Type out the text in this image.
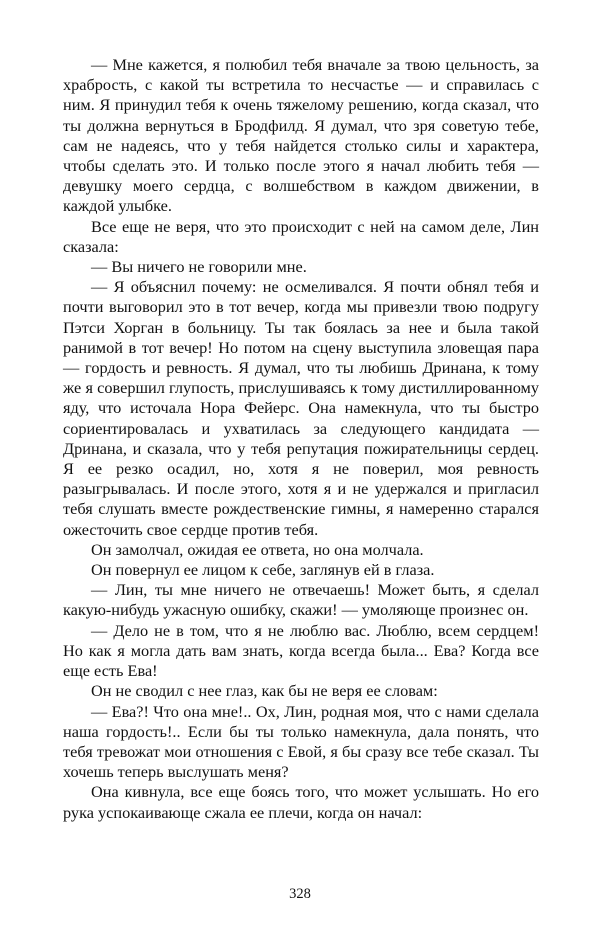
— Мне кажется, я полюбил тебя вначале за твою цельность, за храбрость, с какой ты встретила то несчастье — и справилась с ним. Я принудил тебя к очень тяжелому решению, когда сказал, что ты должна вернуться в Бродфилд. Я думал, что зря советую тебе, сам не надеясь, что у тебя найдется столько силы и характера, чтобы сделать это. И только после этого я начал любить тебя — девушку моего сердца, с волшебством в каждом движении, в каждой улыбке.

Все еще не веря, что это происходит с ней на самом деле, Лин сказала:

— Вы ничего не говорили мне.

— Я объяснил почему: не осмеливался. Я почти обнял тебя и почти выговорил это в тот вечер, когда мы привезли твою подругу Пэтси Хорган в больницу. Ты так боялась за нее и была такой ранимой в тот вечер! Но потом на сцену выступила зловещая пара — гордость и ревность. Я думал, что ты любишь Дринана, к тому же я совершил глупость, прислушиваясь к тому дистиллированному яду, что источала Нора Фейерс. Она намекнула, что ты быстро сориентировалась и ухватилась за следующего кандидата — Дринана, и сказала, что у тебя репутация пожирательницы сердец. Я ее резко осадил, но, хотя я не поверил, моя ревность разыгрывалась. И после этого, хотя я и не удержался и пригласил тебя слушать вместе рождественские гимны, я намеренно старался ожесточить свое сердце против тебя.

Он замолчал, ожидая ее ответа, но она молчала.

Он повернул ее лицом к себе, заглянув ей в глаза.

— Лин, ты мне ничего не отвечаешь! Может быть, я сделал какую-нибудь ужасную ошибку, скажи! — умоляюще произнес он.

— Дело не в том, что я не люблю вас. Люблю, всем сердцем! Но как я могла дать вам знать, когда всегда была... Ева? Когда все еще есть Ева!

Он не сводил с нее глаз, как бы не веря ее словам:

— Ева?! Что она мне!.. Ох, Лин, родная моя, что с нами сделала наша гордость!.. Если бы ты только намекнула, дала понять, что тебя тревожат мои отношения с Евой, я бы сразу все тебе сказал. Ты хочешь теперь выслушать меня?

Она кивнула, все еще боясь того, что может услышать. Но его рука успокаивающе сжала ее плечи, когда он начал:

328
